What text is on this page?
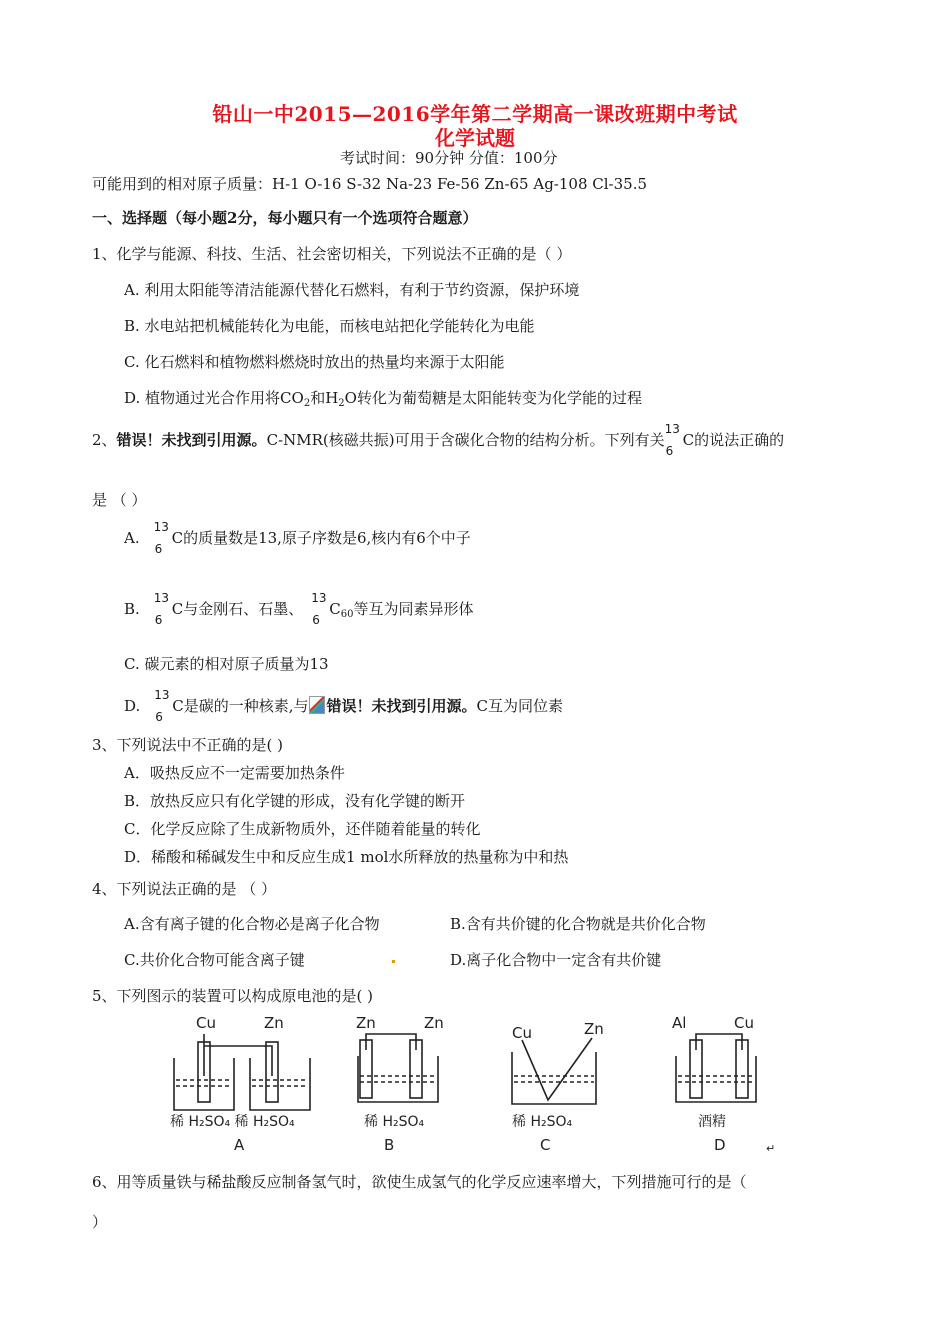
铅山一中2015—2016学年第二学期高一课改班期中考试
化学试题
考试时间：90分钟 分值：100分
可能用到的相对原子质量：H-1 O-16 S-32 Na-23 Fe-56 Zn-65 Ag-108 Cl-35.5
一、选择题（每小题2分，每小题只有一个选项符合题意）
1、化学与能源、科技、生活、社会密切相关，下列说法不正确的是（ ）
A. 利用太阳能等清洁能源代替化石燃料，有利于节约资源，保护环境
B. 水电站把机械能转化为电能，而核电站把化学能转化为电能
C. 化石燃料和植物燃料燃烧时放出的热量均来源于太阳能
D. 植物通过光合作用将$CO_2$和$H_2O$转化为葡萄糖是太阳能转变为化学能的过程
2、错误！未找到引用源。C-NMR(核磁共振)可用于含碳化合物的结构分析。下列有关
13
6
C的说法正确的
是 （ ）
A.
13
6
C的质量数是13,原子序数是6,核内有6个中子
B.
13
6
C与金刚石、石墨、
13
6
$C_{60}$等互为同素异形体
C. 碳元素的相对原子质量为13
D.
13
6
C是碳的一种核素,与 错误！未找到引用源。C互为同位素
3、下列说法中不正确的是( )
A．吸热反应不一定需要加热条件
B．放热反应只有化学键的形成，没有化学键的断开
C．化学反应除了生成新物质外，还伴随着能量的转化
D．稀酸和稀碱发生中和反应生成1 mol水所释放的热量称为中和热
4、下列说法正确的是 （ ）
A.含有离子键的化合物必是离子化合物	B.含有共价键的化合物就是共价化合物
C.共价化合物可能含离子键	D.离子化合物中一定含有共价键
5、下列图示的装置可以构成原电池的是( )
Cu	Zn
稀 H₂SO₄ 稀 H₂SO₄
A
Zn	Zn
稀 H₂SO₄
B
Cu	Zn
稀 H₂SO₄
C
Al	Cu
酒精
D	↵
6、用等质量铁与稀盐酸反应制备氢气时，欲使生成氢气的化学反应速率增大，下列措施可行的是（
）
